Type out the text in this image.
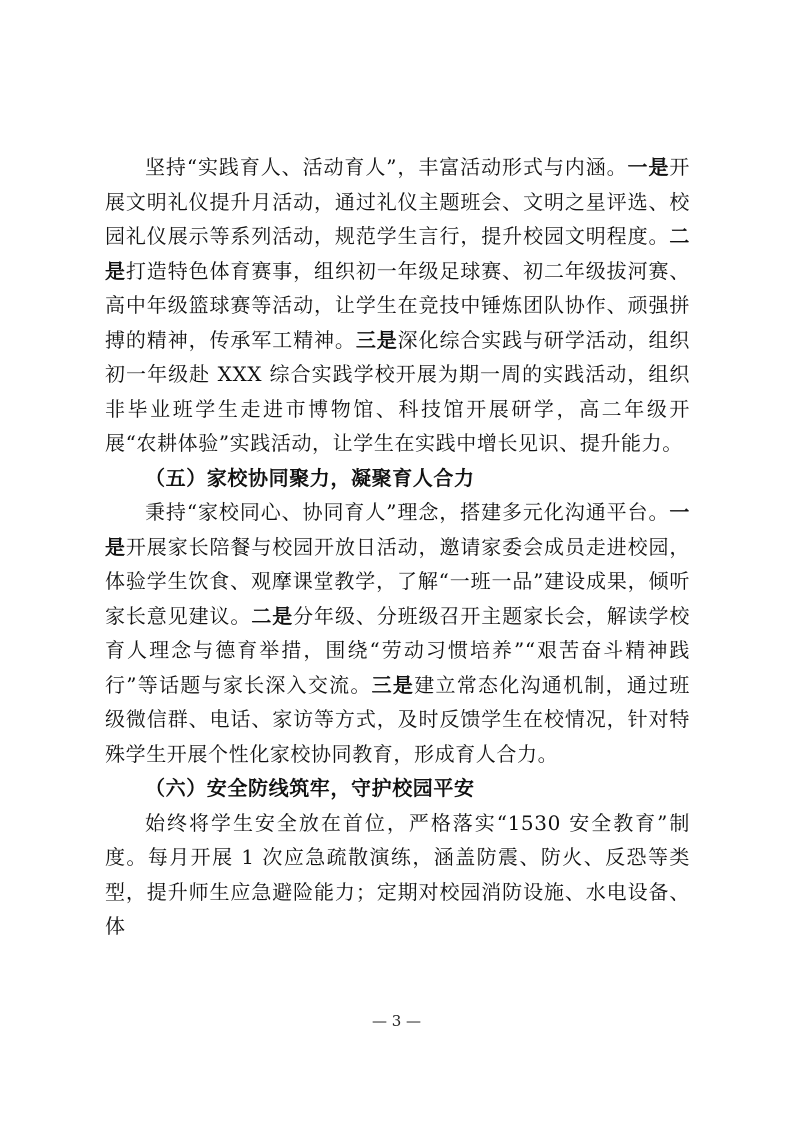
坚持“实践育人、活动育人”，丰富活动形式与内涵。一是开展文明礼仪提升月活动，通过礼仪主题班会、文明之星评选、校园礼仪展示等系列活动，规范学生言行，提升校园文明程度。二是打造特色体育赛事，组织初一年级足球赛、初二年级拔河赛、高中年级篮球赛等活动，让学生在竞技中锤炼团队协作、顽强拼搏的精神，传承军工精神。三是深化综合实践与研学活动，组织初一年级赴 XXX 综合实践学校开展为期一周的实践活动，组织非毕业班学生走进市博物馆、科技馆开展研学，高二年级开展“农耕体验”实践活动，让学生在实践中增长见识、提升能力。

（五）家校协同聚力，凝聚育人合力

秉持“家校同心、协同育人”理念，搭建多元化沟通平台。一是开展家长陪餐与校园开放日活动，邀请家委会成员走进校园，体验学生饮食、观摩课堂教学，了解“一班一品”建设成果，倾听家长意见建议。二是分年级、分班级召开主题家长会，解读学校育人理念与德育举措，围绕“劳动习惯培养”“艰苦奋斗精神践行”等话题与家长深入交流。三是建立常态化沟通机制，通过班级微信群、电话、家访等方式，及时反馈学生在校情况，针对特殊学生开展个性化家校协同教育，形成育人合力。

（六）安全防线筑牢，守护校园平安

始终将学生安全放在首位，严格落实“1530 安全教育”制度。每月开展 1 次应急疏散演练，涵盖防震、防火、反恐等类型，提升师生应急避险能力；定期对校园消防设施、水电设备、体

— 3 —
